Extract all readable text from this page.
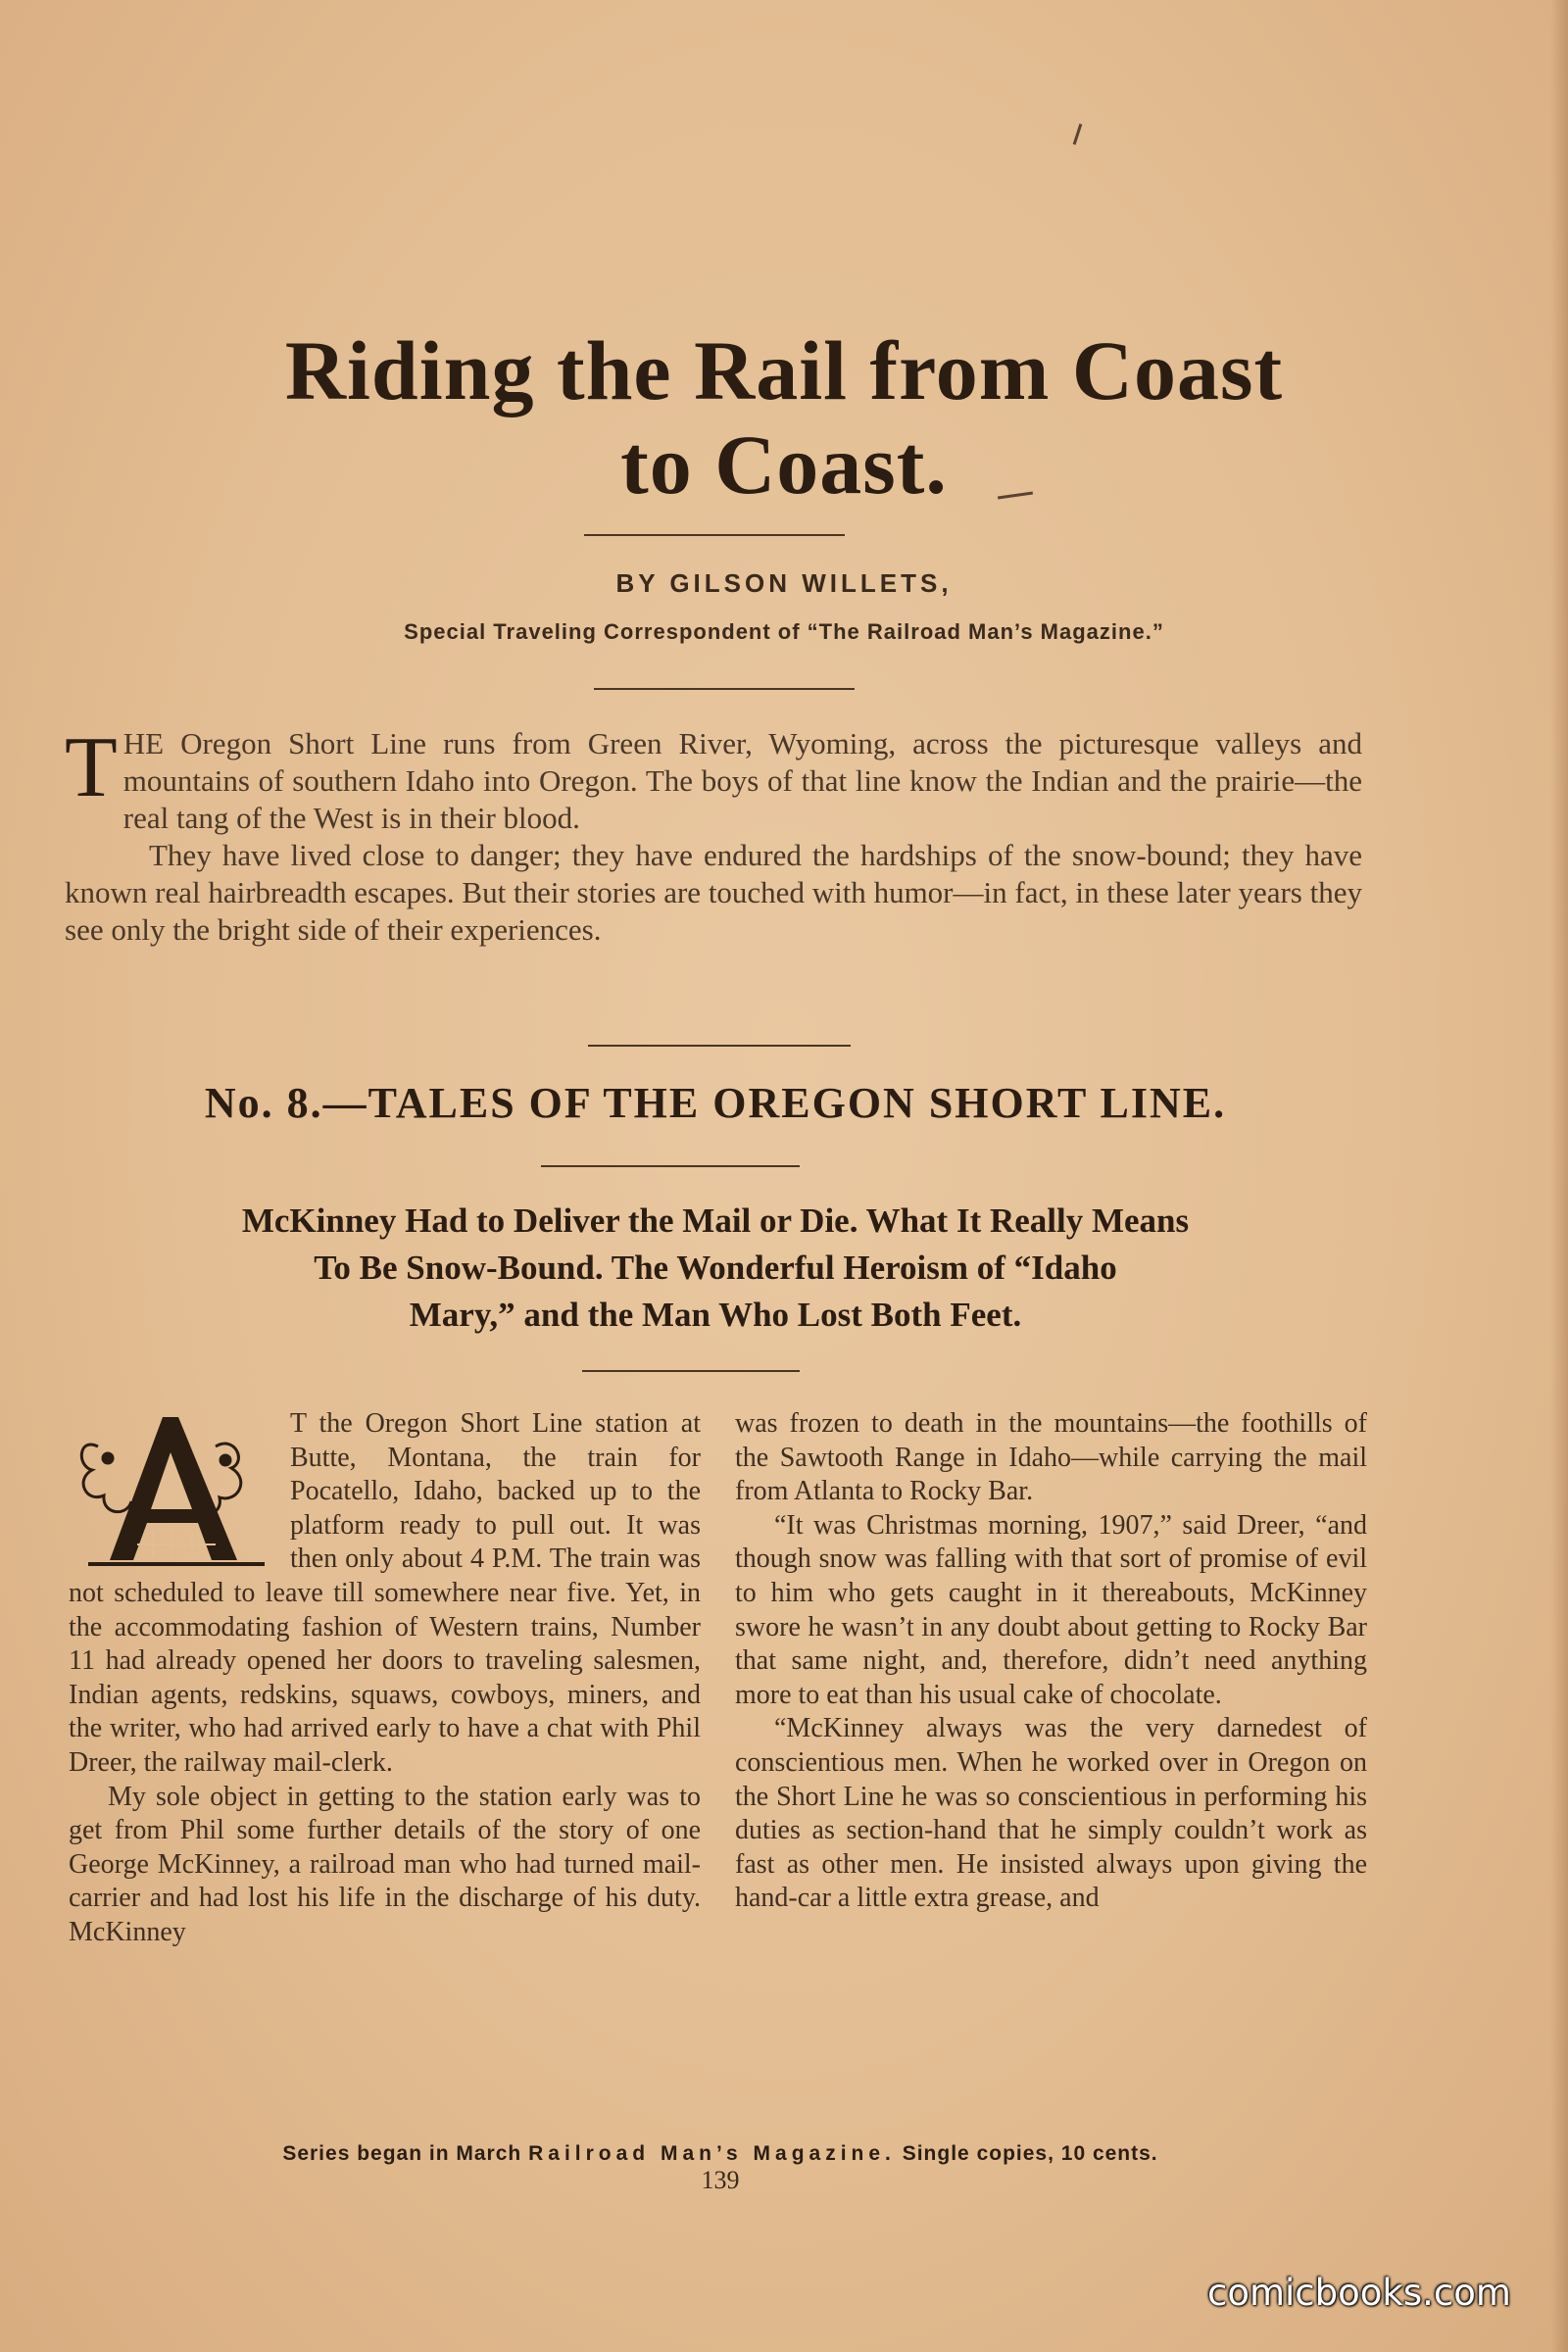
Riding the Rail from Coast
to Coast.
BY GILSON WILLETS,
Special Traveling Correspondent of “The Railroad Man’s Magazine.”

THE Oregon Short Line runs from Green River, Wyoming, across the picturesque valleys and mountains of southern Idaho into Oregon. The boys of that line know the Indian and the prairie—the real tang of the West is in their blood.

They have lived close to danger; they have endured the hardships of the snow-bound; they have known real hairbreadth escapes. But their stories are touched with humor—in fact, in these later years they see only the bright side of their experiences.

No. 8.—TALES OF THE OREGON SHORT LINE.
McKinney Had to Deliver the Mail or Die. What It Really Means
To Be Snow-Bound. The Wonderful Heroism of “Idaho
Mary,” and the Man Who Lost Both Feet.

T the Oregon Short Line station at Butte, Montana, the train for Pocatello, Idaho, backed up to the platform ready to pull out. It was then only about 4 P.M. The train was not scheduled to leave till somewhere near five. Yet, in the accommodating fashion of Western trains, Number 11 had already opened her doors to traveling salesmen, Indian agents, redskins, squaws, cowboys, miners, and the writer, who had arrived early to have a chat with Phil Dreer, the railway mail-clerk.

My sole object in getting to the station early was to get from Phil some further details of the story of one George McKinney, a railroad man who had turned mail-carrier and had lost his life in the discharge of his duty. McKinney

was frozen to death in the mountains—the foothills of the Sawtooth Range in Idaho—while carrying the mail from Atlanta to Rocky Bar.

“It was Christmas morning, 1907,” said Dreer, “and though snow was falling with that sort of promise of evil to him who gets caught in it thereabouts, McKinney swore he wasn’t in any doubt about getting to Rocky Bar that same night, and, therefore, didn’t need anything more to eat than his usual cake of chocolate.

“McKinney always was the very darnedest of conscientious men. When he worked over in Oregon on the Short Line he was so conscientious in performing his duties as section-hand that he simply couldn’t work as fast as other men. He insisted always upon giving the hand-car a little extra grease, and

Series began in March Railroad Man’s Magazine. Single copies, 10 cents.
139
comicbooks.com
